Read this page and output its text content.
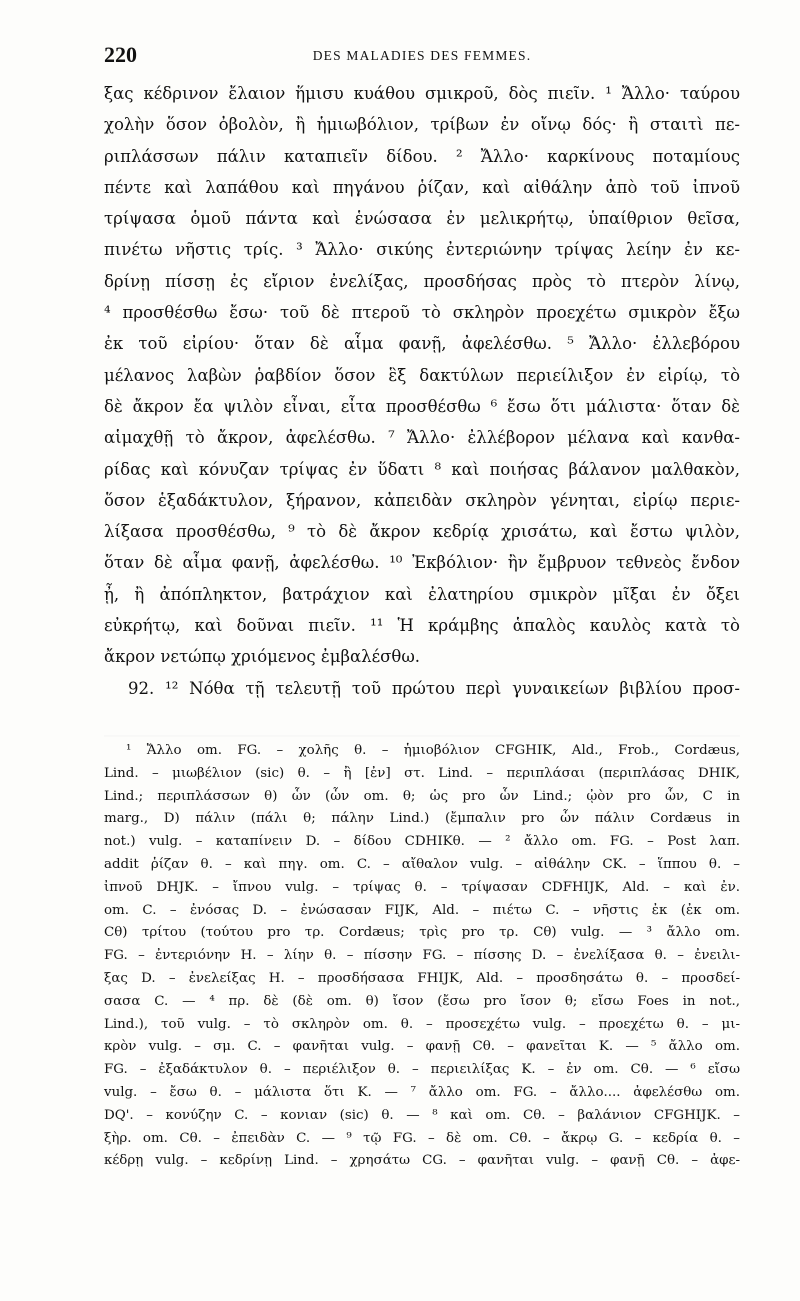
220	DES MALADIES DES FEMMES.
ξας κέδρινον ἔλαιον ἥμισυ κυάθου σμικροῦ, δὸς πιεῖν. ¹ Ἄλλο· ταύρου
χολὴν ὅσον ὀβολὸν, ἢ ἡμιωβόλιον, τρίβων ἐν οἴνῳ δός· ἢ σταιτὶ πε-
ριπλάσσων πάλιν καταπιεῖν δίδου. ² Ἄλλο· καρκίνους ποταμίους
πέντε καὶ λαπάθου καὶ πηγάνου ῥίζαν, καὶ αἰθάλην ἀπὸ τοῦ ἰπνοῦ
τρίψασα ὁμοῦ πάντα καὶ ἑνώσασα ἐν μελικρήτῳ, ὑπαίθριον θεῖσα,
πινέτω νῆστις τρίς. ³ Ἄλλο· σικύης ἐντεριώνην τρίψας λείην ἐν κε-
δρίνῃ πίσσῃ ἐς εἴριον ἐνελίξας, προσδήσας πρὸς τὸ πτερὸν λίνῳ,
⁴ προσθέσθω ἔσω· τοῦ δὲ πτεροῦ τὸ σκληρὸν προεχέτω σμικρὸν ἔξω
ἐκ τοῦ εἰρίου· ὅταν δὲ αἷμα φανῇ, ἀφελέσθω. ⁵ Ἄλλο· ἐλλεβόρου
μέλανος λαβὼν ῥαβδίον ὅσον ἓξ δακτύλων περιείλιξον ἐν εἰρίῳ, τὸ
δὲ ἄκρον ἔα ψιλὸν εἶναι, εἶτα προσθέσθω ⁶ ἔσω ὅτι μάλιστα· ὅταν δὲ
αἱμαχθῇ τὸ ἄκρον, ἀφελέσθω. ⁷ Ἄλλο· ἐλλέβορον μέλανα καὶ κανθα-
ρίδας καὶ κόνυζαν τρίψας ἐν ὕδατι ⁸ καὶ ποιήσας βάλανον μαλθακὸν,
ὅσον ἑξαδάκτυλον, ξήρανον, κἀπειδὰν σκληρὸν γένηται, εἰρίῳ περιε-
λίξασα προσθέσθω, ⁹ τὸ δὲ ἄκρον κεδρίᾳ χρισάτω, καὶ ἔστω ψιλὸν,
ὅταν δὲ αἷμα φανῇ, ἀφελέσθω. ¹⁰ Ἐκβόλιον· ἢν ἔμβρυον τεθνεὸς ἔνδον
ᾖ, ἢ ἀπόπληκτον, βατράχιον καὶ ἐλατηρίου σμικρὸν μῖξαι ἐν ὄξει
εὐκρήτῳ, καὶ δοῦναι πιεῖν. ¹¹ Ἡ κράμβης ἁπαλὸς καυλὸς κατὰ τὸ
ἄκρον νετώπῳ χριόμενος ἐμβαλέσθω.
92. ¹² Νόθα τῇ τελευτῇ τοῦ πρώτου περὶ γυναικείων βιβλίου προσ-
¹ Ἄλλο om. FG. – χολῆς θ. – ἡμιοβόλιον CFGHIK, Ald., Frob., Cordæus,
Lind. – μιωβέλιον (sic) θ. – ἢ [ἐν] στ. Lind. – περιπλάσαι (περιπλάσας DHIK,
Lind.; περιπλάσσων θ) ὧν (ὧν om. θ; ὡς pro ὧν Lind.; ᾠὸν pro ὧν, C in
marg., D) πάλιν (πάλι θ; πάλην Lind.) (ἔμπαλιν pro ὧν πάλιν Cordæus in
not.) vulg. – καταπίνειν D. – δίδου CDHIKθ. — ² ἄλλο om. FG. – Post λαπ.
addit ῥίζαν θ. – καὶ πηγ. om. C. – αἴθαλον vulg. – αἰθάλην CK. – ἵππου θ. –
ἰπνοῦ DHJK. – ἴπνου vulg. – τρίψας θ. – τρίψασαν CDFHIJK, Ald. – καὶ ἐν.
om. C. – ἐνόσας D. – ἐνώσασαν FIJK, Ald. – πιέτω C. – νῆστις ἐκ (ἐκ om.
Cθ) τρίτου (τούτου pro τρ. Cordæus; τρὶς pro τρ. Cθ) vulg. — ³ ἄλλο om.
FG. – ἐντεριόνην H. – λίην θ. – πίσσην FG. – πίσσης D. – ἐνελίξασα θ. – ἐνειλι-
ξας D. – ἐνελείξας H. – προσδήσασα FHIJK, Ald. – προσδησάτω θ. – προσδεί-
σασα C. — ⁴ πρ. δὲ (δὲ om. θ) ἴσον (ἔσω pro ἴσον θ; εἴσω Foes in not.,
Lind.), τοῦ vulg. – τὸ σκληρὸν om. θ. – προσεχέτω vulg. – προεχέτω θ. – μι-
κρὸν vulg. – σμ. C. – φανῆται vulg. – φανῇ Cθ. – φανεῖται K. — ⁵ ἄλλο om.
FG. – ἐξαδάκτυλον θ. – περιέλιξον θ. – περιειλίξας K. – ἐν om. Cθ. — ⁶ εἴσω
vulg. – ἔσω θ. – μάλιστα ὅτι K. — ⁷ ἄλλο om. FG. – ἄλλο.... ἀφελέσθω om.
DQ'. – κονύζην C. – κονιαν (sic) θ. — ⁸ καὶ om. Cθ. – βαλάνιον CFGHIJK. –
ξὴρ. om. Cθ. – ἐπειδὰν C. — ⁹ τῷ FG. – δὲ om. Cθ. – ἄκρῳ G. – κεδρία θ. –
κέδρῃ vulg. – κεδρίνῃ Lind. – χρησάτω CG. – φανῆται vulg. – φανῇ Cθ. – ἀφε-
